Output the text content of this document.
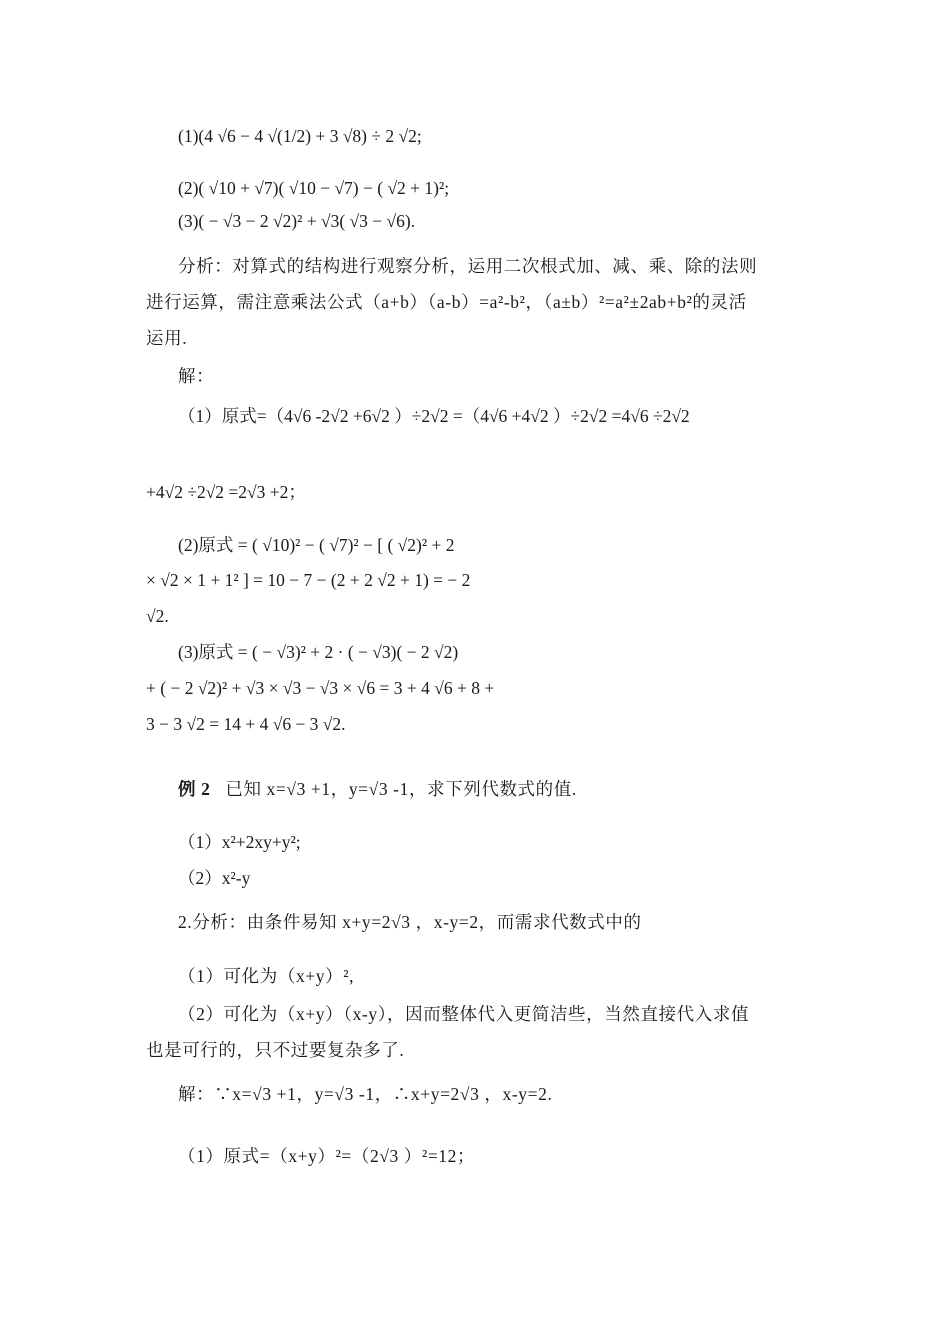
(1)(4 √6 − 4 √(1/2) + 3 √8) ÷ 2 √2;
(2)( √10 + √7)( √10 − √7) − ( √2 + 1)²;
(3)( − √3 − 2 √2)² + √3( √3 − √6).
分析：对算式的结构进行观察分析，运用二次根式加、减、乘、除的法则
进行运算，需注意乘法公式（a+b）（a-b）=a²-b²，（a±b）²=a²±2ab+b²的灵活
运用.
解：
（1）原式=（4√6 -2√2 +6√2 ）÷2√2 =（4√6 +4√2 ）÷2√2 =4√6 ÷2√2
+4√2 ÷2√2 =2√3 +2；
(2)原式 = ( √10)² − ( √7)² − [ ( √2)² + 2
× √2 × 1 + 1² ] = 10 − 7 − (2 + 2 √2 + 1) = − 2
√2.
(3)原式 = ( − √3)² + 2 · ( − √3)( − 2 √2)
+ ( − 2 √2)² + √3 × √3 − √3 × √6 = 3 + 4 √6 + 8 +
3 − 3 √2 = 14 + 4 √6 − 3 √2.
例 2 已知 x=√3 +1，y=√3 -1，求下列代数式的值.
（1）x²+2xy+y²;
（2）x²-y
2.分析：由条件易知 x+y=2√3 ，x-y=2，而需求代数式中的
（1）可化为（x+y）²,
（2）可化为（x+y）（x-y），因而整体代入更简洁些，当然直接代入求值
也是可行的，只不过要复杂多了.
解：∵x=√3 +1，y=√3 -1，∴x+y=2√3 ，x-y=2.
（1）原式=（x+y）²=（2√3 ）²=12；
